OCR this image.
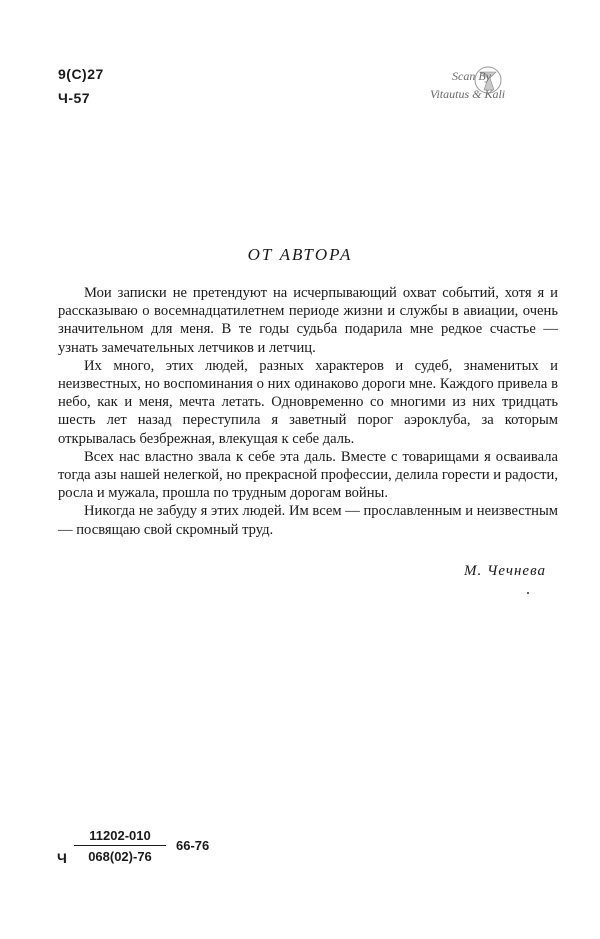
9(С)27
Ч-57
Scan By
Vitautus & Kali
ОТ АВТОРА

Мои записки не претендуют на исчерпывающий охват событий, хотя я и рассказываю о восемнадцатилетнем периоде жизни и службы в авиации, очень значительном для меня. В те годы судьба подарила мне редкое счастье — узнать замечательных летчиков и летчиц.

Их много, этих людей, разных характеров и судеб, знаменитых и неизвестных, но воспоминания о них одинаково дороги мне. Каждого привела в небо, как и меня, мечта летать. Одновременно со многими из них тридцать шесть лет назад переступила я заветный порог аэроклуба, за которым открывалась безбрежная, влекущая к себе даль.

Всех нас властно звала к себе эта даль. Вместе с товарищами я осваивала тогда азы нашей нелегкой, но прекрасной профессии, делила горести и радости, росла и мужала, прошла по трудным дорогам войны.

Никогда не забуду я этих людей. Им всем — прославленным и неизвестным — посвящаю свой скромный труд.

М. Чечнева
Ч $\frac{11202-010}{068(02)-76} 66-76$
